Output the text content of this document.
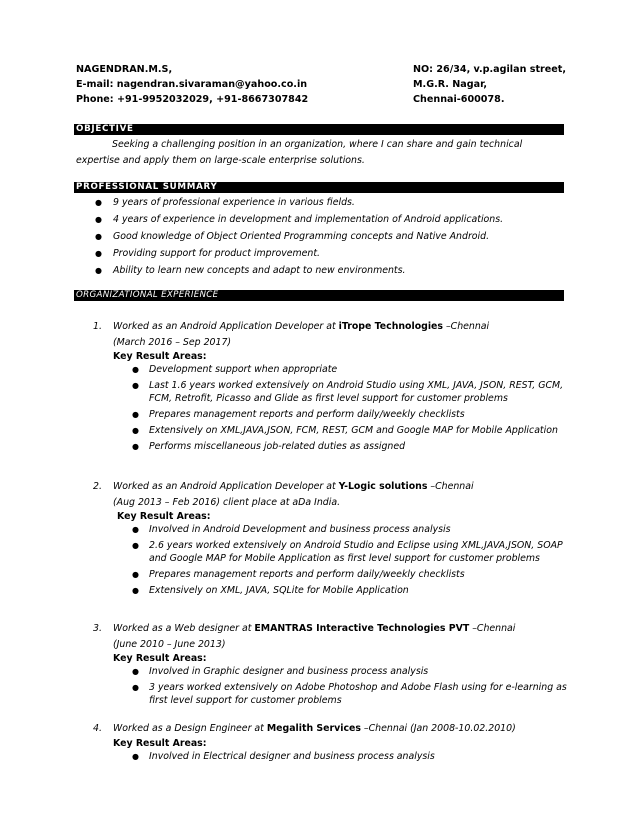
NAGENDRAN.M.S,
E-mail: nagendran.sivaraman@yahoo.co.in
Phone: +91-9952032029, +91-8667307842
NO: 26/34, v.p.agilan street,
M.G.R. Nagar,
Chennai-600078.
OBJECTIVE
Seeking a challenging position in an organization, where I can share and gain technical
expertise and apply them on large-scale enterprise solutions.
PROFESSIONAL SUMMARY
● 9 years of professional experience in various fields.
● 4 years of experience in development and implementation of Android applications.
● Good knowledge of Object Oriented Programming concepts and Native Android.
● Providing support for product improvement.
● Ability to learn new concepts and adapt to new environments.
ORGANIZATIONAL EXPERIENCE
1. Worked as an Android Application Developer at iTrope Technologies –Chennai
(March 2016 – Sep 2017)
Key Result Areas:
● Development support when appropriate
● Last 1.6 years worked extensively on Android Studio using XML, JAVA, JSON, REST, GCM, FCM, Retrofit, Picasso and Glide as first level support for customer problems
● Prepares management reports and perform daily/weekly checklists
● Extensively on XML,JAVA,JSON, FCM, REST, GCM and Google MAP for Mobile Application
● Performs miscellaneous job-related duties as assigned
2. Worked as an Android Application Developer at Y-Logic solutions –Chennai
(Aug 2013 – Feb 2016) client place at aDa India.
Key Result Areas:
● Involved in Android Development and business process analysis
● 2.6 years worked extensively on Android Studio and Eclipse using XML,JAVA,JSON, SOAP and Google MAP for Mobile Application as first level support for customer problems
● Prepares management reports and perform daily/weekly checklists
● Extensively on XML, JAVA, SQLite for Mobile Application
3. Worked as a Web designer at EMANTRAS Interactive Technologies PVT –Chennai
(June 2010 – June 2013)
Key Result Areas:
● Involved in Graphic designer and business process analysis
● 3 years worked extensively on Adobe Photoshop and Adobe Flash using for e-learning as first level support for customer problems
4. Worked as a Design Engineer at Megalith Services –Chennai (Jan 2008-10.02.2010)
Key Result Areas:
● Involved in Electrical designer and business process analysis
